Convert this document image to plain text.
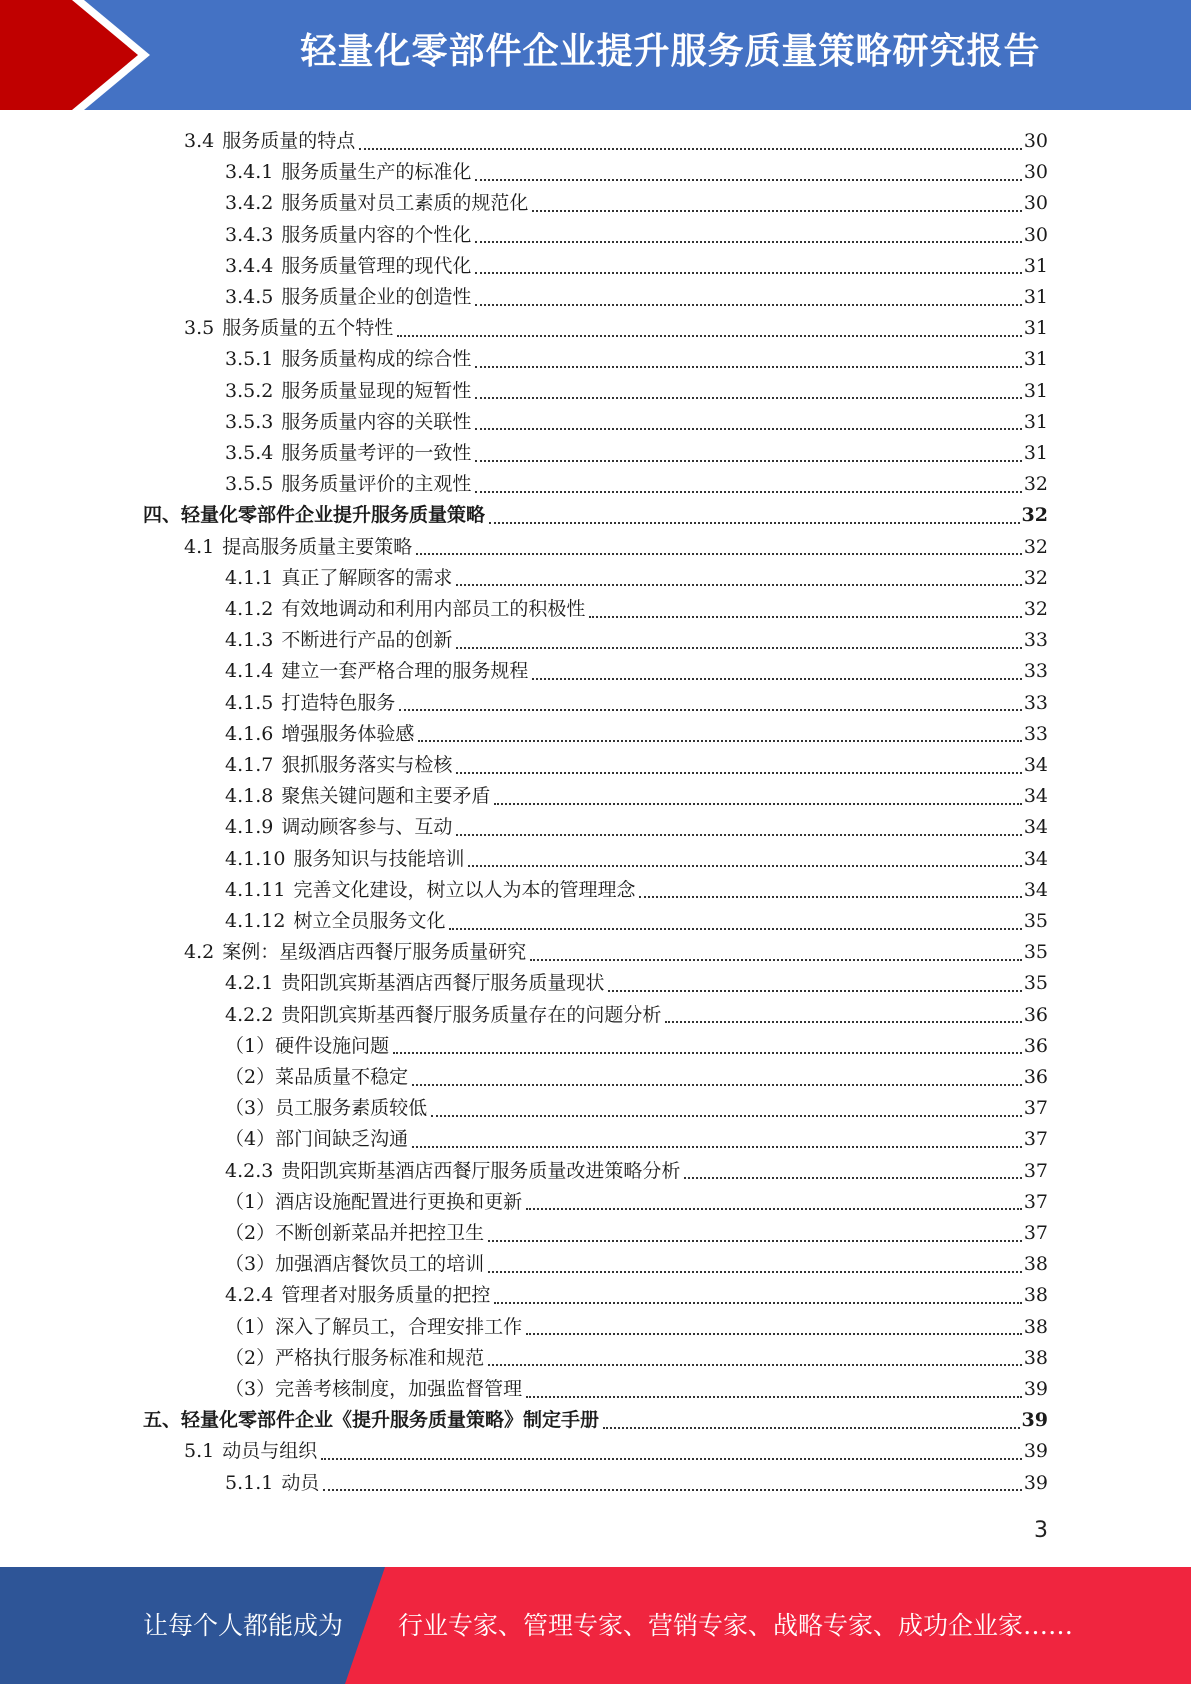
轻量化零部件企业提升服务质量策略研究报告
3.4 服务质量的特点	30
3.4.1 服务质量生产的标准化	30
3.4.2 服务质量对员工素质的规范化	30
3.4.3 服务质量内容的个性化	30
3.4.4 服务质量管理的现代化	31
3.4.5 服务质量企业的创造性	31
3.5 服务质量的五个特性	31
3.5.1 服务质量构成的综合性	31
3.5.2 服务质量显现的短暂性	31
3.5.3 服务质量内容的关联性	31
3.5.4 服务质量考评的一致性	31
3.5.5 服务质量评价的主观性	32
四、 轻量化零部件企业提升服务质量策略	32
4.1 提高服务质量主要策略	32
4.1.1 真正了解顾客的需求	32
4.1.2 有效地调动和利用内部员工的积极性	32
4.1.3 不断进行产品的创新	33
4.1.4 建立一套严格合理的服务规程	33
4.1.5 打造特色服务	33
4.1.6 增强服务体验感	33
4.1.7 狠抓服务落实与检核	34
4.1.8 聚焦关键问题和主要矛盾	34
4.1.9 调动顾客参与、互动	34
4.1.10 服务知识与技能培训	34
4.1.11 完善文化建设，树立以人为本的管理理念	34
4.1.12 树立全员服务文化	35
4.2 案例：星级酒店西餐厅服务质量研究	35
4.2.1 贵阳凯宾斯基酒店西餐厅服务质量现状	35
4.2.2 贵阳凯宾斯基西餐厅服务质量存在的问题分析	36
（1） 硬件设施问题	36
（2） 菜品质量不稳定	36
（3） 员工服务素质较低	37
（4） 部门间缺乏沟通	37
4.2.3 贵阳凯宾斯基酒店西餐厅服务质量改进策略分析	37
（1） 酒店设施配置进行更换和更新	37
（2） 不断创新菜品并把控卫生	37
（3） 加强酒店餐饮员工的培训	38
4.2.4 管理者对服务质量的把控	38
（1） 深入了解员工，合理安排工作	38
（2） 严格执行服务标准和规范	38
（3） 完善考核制度，加强监督管理	39
五、 轻量化零部件企业《提升服务质量策略》制定手册	39
5.1 动员与组织	39
5.1.1 动员	39
3
让每个人都能成为 行业专家、管理专家、营销专家、战略专家、成功企业家……
